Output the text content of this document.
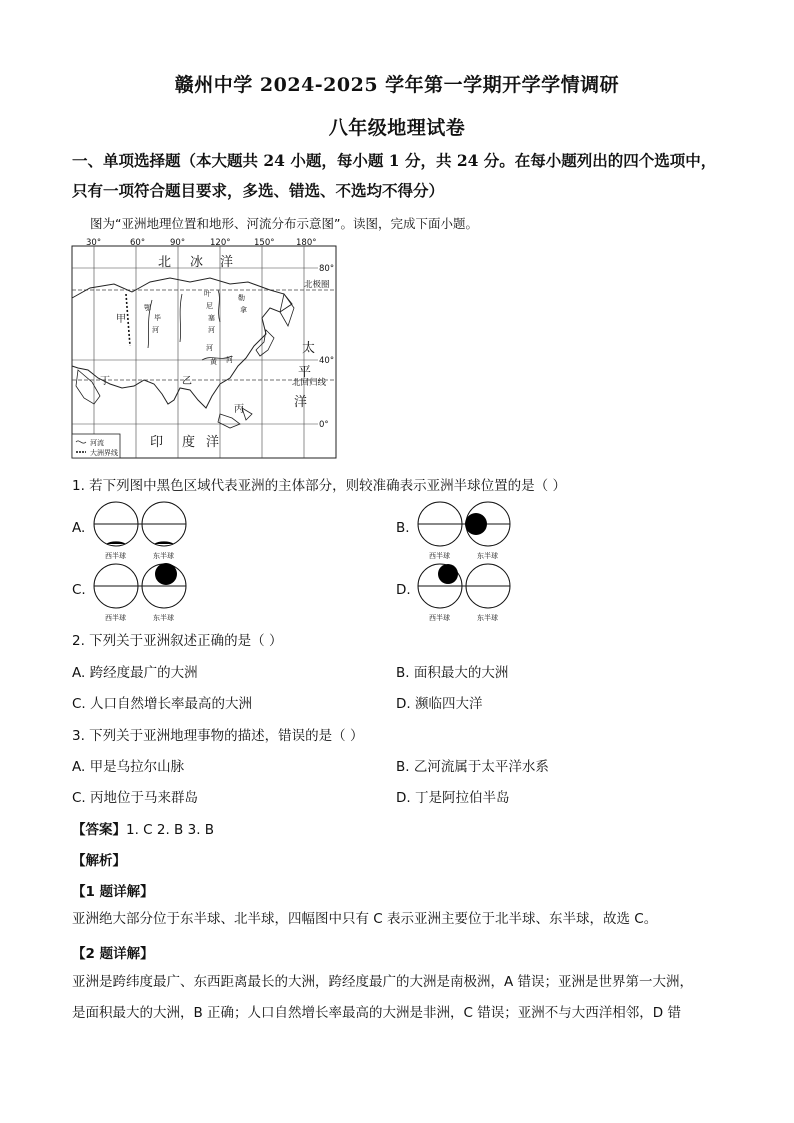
赣州中学 2024-2025 学年第一学期开学学情调研
八年级地理试卷
一、单项选择题（本大题共 24 小题，每小题 1 分，共 24 分。在每小题列出的四个选项中，
只有一项符合题目要求，多选、错选、不选均不得分）
图为“亚洲地理位置和地形、河流分布示意图”。读图，完成下面小题。
30°	60°	90°	120°	150°	180°
80°
40°
0°
北极圈
北回归线
北 冰 洋
太
平
洋
印 度 洋
甲
乙
丙
丁
鄂
毕
河
叶
尼
塞
河
勒
拿
河
黄 河
河流
大洲界线
1. 若下列图中黑色区域代表亚洲的主体部分，则较准确表示亚洲半球位置的是（ ）
A.
西半球	东半球
B.
西半球	东半球
C.
西半球	东半球
D.
西半球	东半球
2. 下列关于亚洲叙述正确的是（ ）
A. 跨经度最广的大洲	B. 面积最大的大洲
C. 人口自然增长率最高的大洲	D. 濒临四大洋
3. 下列关于亚洲地理事物的描述，错误的是（ ）
A. 甲是乌拉尔山脉	B. 乙河流属于太平洋水系
C. 丙地位于马来群岛	D. 丁是阿拉伯半岛
【答案】1. C 2. B 3. B
【解析】
【1 题详解】
亚洲绝大部分位于东半球、北半球，四幅图中只有 C 表示亚洲主要位于北半球、东半球，故选 C。
【2 题详解】
亚洲是跨纬度最广、东西距离最长的大洲，跨经度最广的大洲是南极洲，A 错误；亚洲是世界第一大洲，
是面积最大的大洲，B 正确；人口自然增长率最高的大洲是非洲，C 错误；亚洲不与大西洋相邻，D 错
